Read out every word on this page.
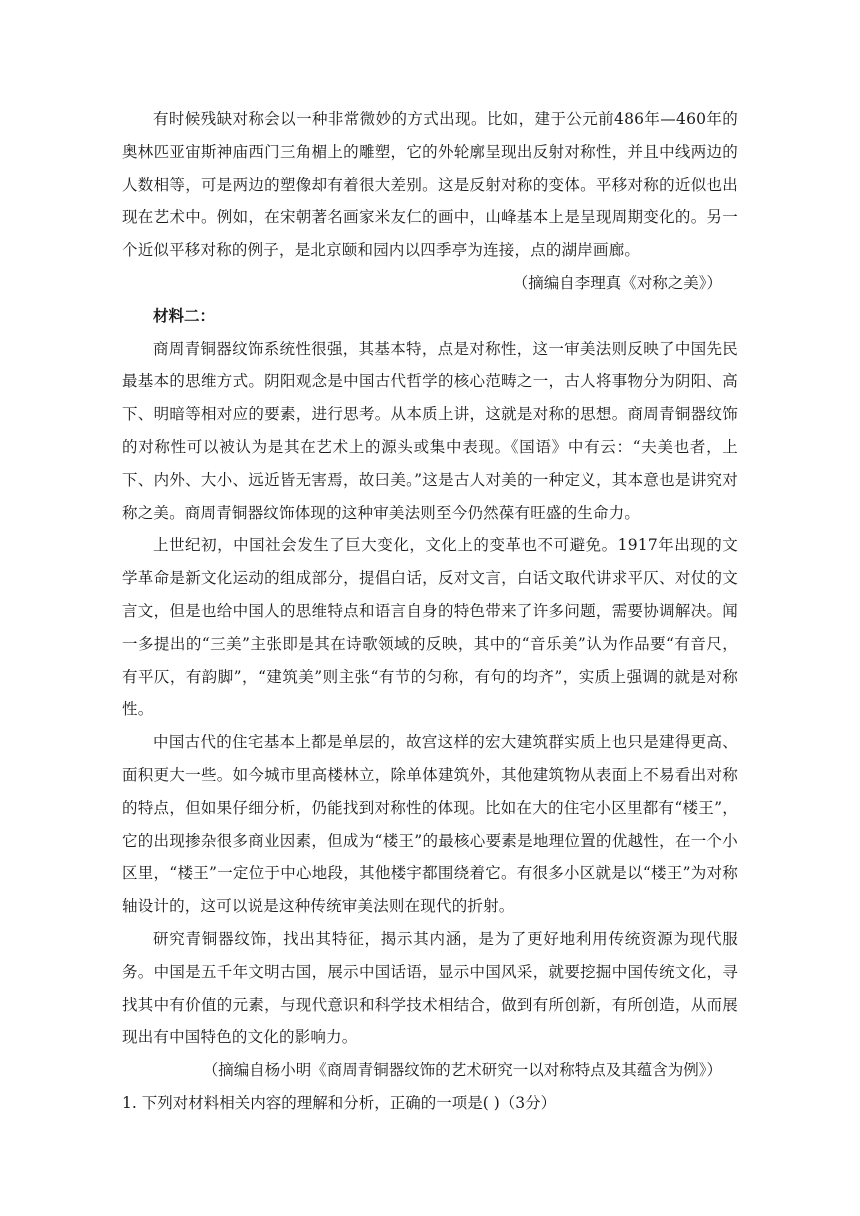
有时候残缺对称会以一种非常微妙的方式出现。比如，建于公元前486年—460年的奥林匹亚宙斯神庙西门三角楣上的雕塑，它的外轮廓呈现出反射对称性，并且中线两边的人数相等，可是两边的塑像却有着很大差别。这是反射对称的变体。平移对称的近似也出现在艺术中。例如，在宋朝著名画家米友仁的画中，山峰基本上是呈现周期变化的。另一个近似平移对称的例子，是北京颐和园内以四季亭为连接，点的湖岸画廊。

（摘编自李理真《对称之美》）

材料二：

商周青铜器纹饰系统性很强，其基本特，点是对称性，这一审美法则反映了中国先民最基本的思维方式。阴阳观念是中国古代哲学的核心范畴之一，古人将事物分为阴阳、高下、明暗等相对应的要素，进行思考。从本质上讲，这就是对称的思想。商周青铜器纹饰的对称性可以被认为是其在艺术上的源头或集中表现。《国语》中有云：“夫美也者，上下、内外、大小、远近皆无害焉，故曰美。”这是古人对美的一种定义，其本意也是讲究对称之美。商周青铜器纹饰体现的这种审美法则至今仍然葆有旺盛的生命力。

上世纪初，中国社会发生了巨大变化，文化上的变革也不可避免。1917年出现的文学革命是新文化运动的组成部分，提倡白话，反对文言，白话文取代讲求平仄、对仗的文言文，但是也给中国人的思维特点和语言自身的特色带来了许多问题，需要协调解决。闻一多提出的“三美”主张即是其在诗歌领域的反映，其中的“音乐美”认为作品要“有音尺，有平仄，有韵脚”，“建筑美”则主张“有节的匀称，有句的均齐”，实质上强调的就是对称性。

中国古代的住宅基本上都是单层的，故宫这样的宏大建筑群实质上也只是建得更高、面积更大一些。如今城市里高楼林立，除单体建筑外，其他建筑物从表面上不易看出对称的特点，但如果仔细分析，仍能找到对称性的体现。比如在大的住宅小区里都有“楼王”，它的出现掺杂很多商业因素，但成为“楼王”的最核心要素是地理位置的优越性，在一个小区里，“楼王”一定位于中心地段，其他楼宇都围绕着它。有很多小区就是以“楼王”为对称轴设计的，这可以说是这种传统审美法则在现代的折射。

研究青铜器纹饰，找出其特征，揭示其内涵，是为了更好地利用传统资源为现代服务。中国是五千年文明古国，展示中国话语，显示中国风采，就要挖掘中国传统文化，寻找其中有价值的元素，与现代意识和科学技术相结合，做到有所创新，有所创造，从而展现出有中国特色的文化的影响力。

（摘编自杨小明《商周青铜器纹饰的艺术研究一以对称特点及其蕴含为例》）

1. 下列对材料相关内容的理解和分析，正确的一项是( )（3分）
